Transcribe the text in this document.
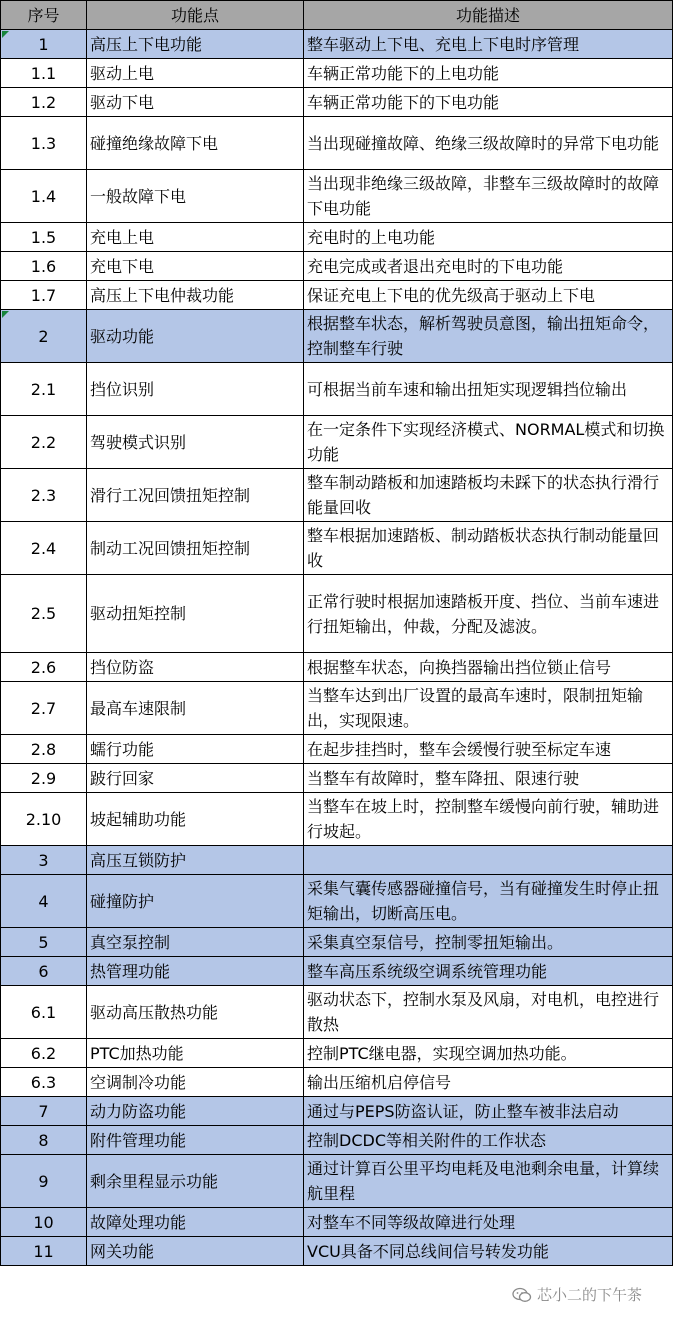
序号	功能点	功能描述
1	高压上下电功能	整车驱动上下电、充电上下电时序管理
1.1	驱动上电	车辆正常功能下的上电功能
1.2	驱动下电	车辆正常功能下的下电功能
1.3	碰撞绝缘故障下电	当出现碰撞故障、绝缘三级故障时的异常下电功能
1.4	一般故障下电	当出现非绝缘三级故障，非整车三级故障时的故障下电功能
1.5	充电上电	充电时的上电功能
1.6	充电下电	充电完成或者退出充电时的下电功能
1.7	高压上下电仲裁功能	保证充电上下电的优先级高于驱动上下电
2	驱动功能	根据整车状态，解析驾驶员意图，输出扭矩命令，控制整车行驶
2.1	挡位识别	可根据当前车速和输出扭矩实现逻辑挡位输出
2.2	驾驶模式识别	在一定条件下实现经济模式、NORMAL模式和切换功能
2.3	滑行工况回馈扭矩控制	整车制动踏板和加速踏板均未踩下的状态执行滑行能量回收
2.4	制动工况回馈扭矩控制	整车根据加速踏板、制动踏板状态执行制动能量回收
2.5	驱动扭矩控制	正常行驶时根据加速踏板开度、挡位、当前车速进行扭矩输出，仲裁，分配及滤波。
2.6	挡位防盗	根据整车状态，向换挡器输出挡位锁止信号
2.7	最高车速限制	当整车达到出厂设置的最高车速时，限制扭矩输出，实现限速。
2.8	蠕行功能	在起步挂挡时，整车会缓慢行驶至标定车速
2.9	跛行回家	当整车有故障时，整车降扭、限速行驶
2.10	坡起辅助功能	当整车在坡上时，控制整车缓慢向前行驶，辅助进行坡起。
3	高压互锁防护	
4	碰撞防护	采集气囊传感器碰撞信号，当有碰撞发生时停止扭矩输出，切断高压电。
5	真空泵控制	采集真空泵信号，控制零扭矩输出。
6	热管理功能	整车高压系统级空调系统管理功能
6.1	驱动高压散热功能	驱动状态下，控制水泵及风扇，对电机，电控进行散热
6.2	PTC加热功能	控制PTC继电器，实现空调加热功能。
6.3	空调制冷功能	输出压缩机启停信号
7	动力防盗功能	通过与PEPS防盗认证，防止整车被非法启动
8	附件管理功能	控制DCDC等相关附件的工作状态
9	剩余里程显示功能	通过计算百公里平均电耗及电池剩余电量，计算续航里程
10	故障处理功能	对整车不同等级故障进行处理
11	网关功能	VCU具备不同总线间信号转发功能
芯小二的下午茶
